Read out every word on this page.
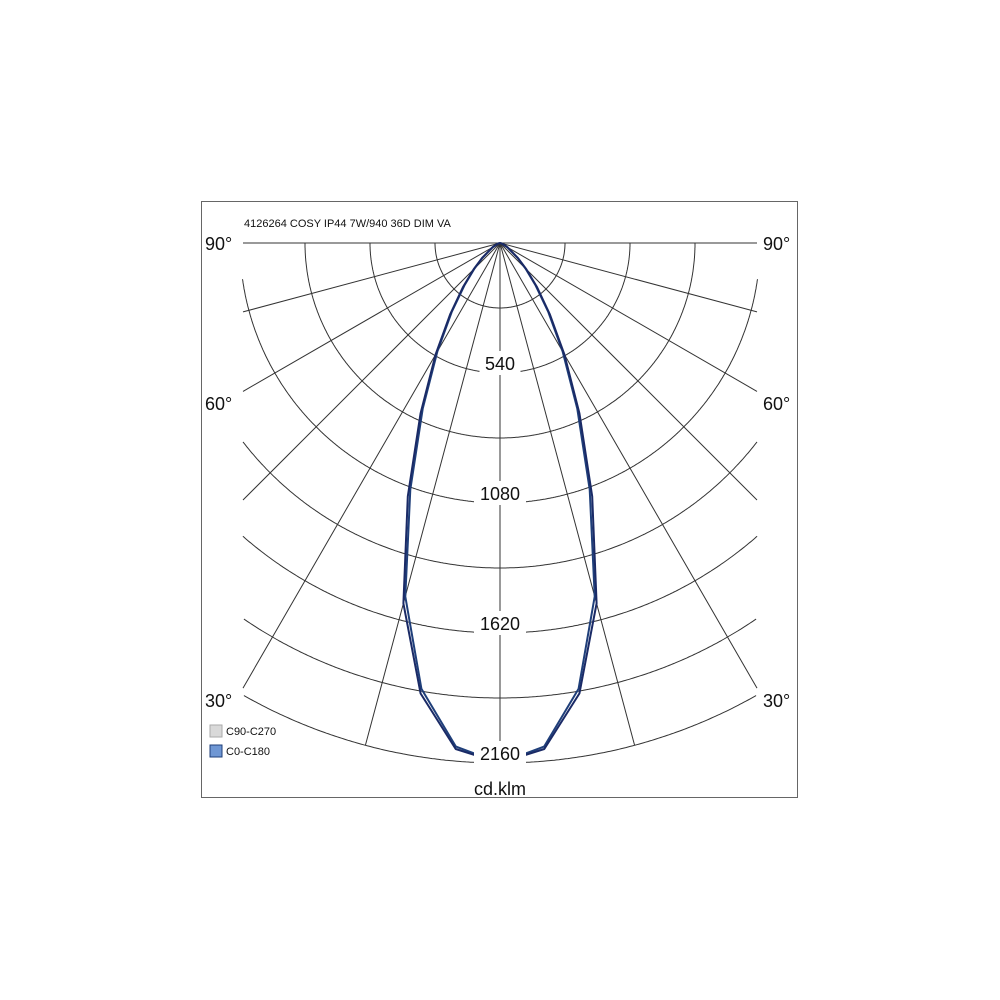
4126264 COSY IP44 7W/940 36D DIM VA
540
1080
1620
2160
90°	90°
60°	60°
30°	30°
C90-C270
C0-C180
cd.klm
